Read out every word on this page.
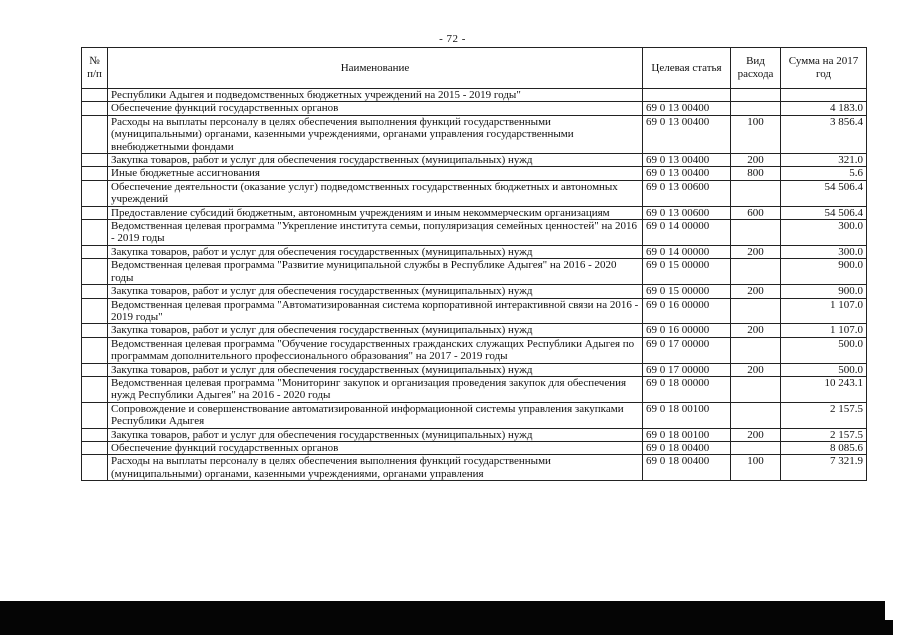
- 72 -
№ п/п	Наименование	Целевая статья	Вид расхода	Сумма на 2017 год
	Республики Адыгея и подведомственных бюджетных учреждений на 2015 - 2019 годы"			
	Обеспечение функций государственных органов	69 0 13 00400		4 183.0
	Расходы на выплаты персоналу в целях обеспечения выполнения функций государственными (муниципальными) органами, казенными учреждениями, органами управления государственными внебюджетными фондами	69 0 13 00400	100	3 856.4
	Закупка товаров, работ и услуг для обеспечения государственных (муниципальных) нужд	69 0 13 00400	200	321.0
	Иные бюджетные ассигнования	69 0 13 00400	800	5.6
	Обеспечение деятельности (оказание услуг) подведомственных государственных бюджетных и автономных учреждений	69 0 13 00600		54 506.4
	Предоставление субсидий бюджетным, автономным учреждениям и иным некоммерческим организациям	69 0 13 00600	600	54 506.4
	Ведомственная целевая программа "Укрепление института семьи, популяризация семейных ценностей" на 2016 - 2019 годы	69 0 14 00000		300.0
	Закупка товаров, работ и услуг для обеспечения государственных (муниципальных) нужд	69 0 14 00000	200	300.0
	Ведомственная целевая программа "Развитие муниципальной службы в Республике Адыгея" на 2016 - 2020 годы	69 0 15 00000		900.0
	Закупка товаров, работ и услуг для обеспечения государственных (муниципальных) нужд	69 0 15 00000	200	900.0
	Ведомственная целевая программа "Автоматизированная система корпоративной интерактивной связи на 2016 - 2019 годы"	69 0 16 00000		1 107.0
	Закупка товаров, работ и услуг для обеспечения государственных (муниципальных) нужд	69 0 16 00000	200	1 107.0
	Ведомственная целевая программа "Обучение государственных гражданских служащих Республики Адыгея по программам дополнительного профессионального образования" на 2017 - 2019 годы	69 0 17 00000		500.0
	Закупка товаров, работ и услуг для обеспечения государственных (муниципальных) нужд	69 0 17 00000	200	500.0
	Ведомственная целевая программа "Мониторинг закупок и организация проведения закупок для обеспечения нужд Республики Адыгея" на 2016 - 2020 годы	69 0 18 00000		10 243.1
	Сопровождение и совершенствование автоматизированной информационной системы управления закупками Республики Адыгея	69 0 18 00100		2 157.5
	Закупка товаров, работ и услуг для обеспечения государственных (муниципальных) нужд	69 0 18 00100	200	2 157.5
	Обеспечение функций государственных органов	69 0 18 00400		8 085.6
	Расходы на выплаты персоналу в целях обеспечения выполнения функций государственными (муниципальными) органами, казенными учреждениями, органами управления	69 0 18 00400	100	7 321.9
